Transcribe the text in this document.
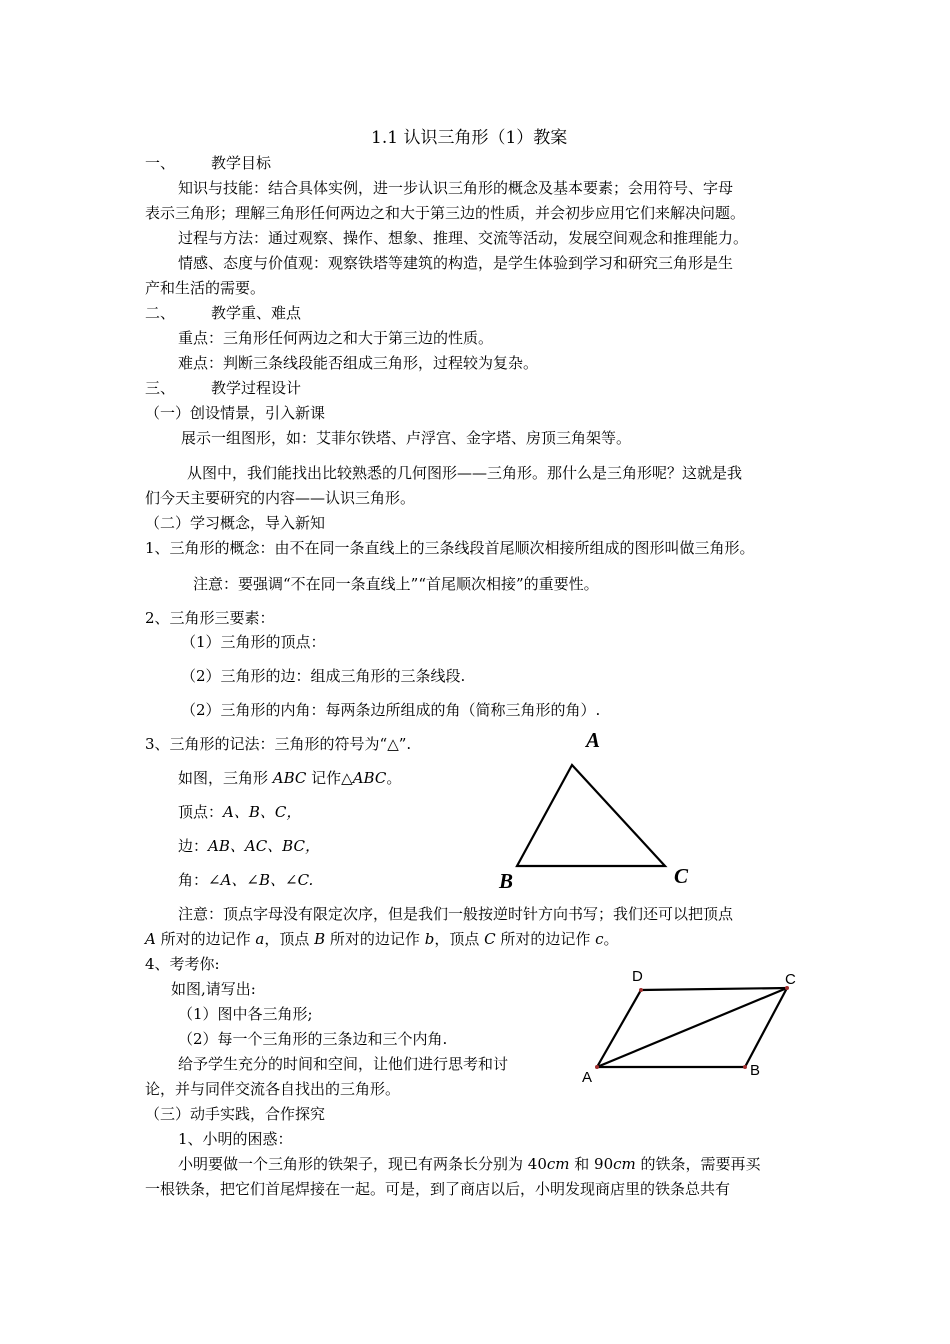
1.1 认识三角形（1）教案
一、 教学目标
知识与技能：结合具体实例，进一步认识三角形的概念及基本要素；会用符号、字母
表示三角形；理解三角形任何两边之和大于第三边的性质，并会初步应用它们来解决问题。
过程与方法：通过观察、操作、想象、推理、交流等活动，发展空间观念和推理能力。
情感、态度与价值观：观察铁塔等建筑的构造，是学生体验到学习和研究三角形是生
产和生活的需要。
二、 教学重、难点
重点：三角形任何两边之和大于第三边的性质。
难点：判断三条线段能否组成三角形，过程较为复杂。
三、 教学过程设计
（一）创设情景，引入新课
展示一组图形，如：艾菲尔铁塔、卢浮宫、金字塔、房顶三角架等。
从图中，我们能找出比较熟悉的几何图形——三角形。那什么是三角形呢？这就是我
们今天主要研究的内容——认识三角形。
（二）学习概念，导入新知
1、三角形的概念：由不在同一条直线上的三条线段首尾顺次相接所组成的图形叫做三角形。
注意：要强调“不在同一条直线上”“首尾顺次相接”的重要性。
2、三角形三要素：
（1）三角形的顶点：
（2）三角形的边：组成三角形的三条线段.
（2）三角形的内角：每两条边所组成的角（简称三角形的角）.
3、三角形的记法：三角形的符号为“△”.
如图，三角形 ABC 记作△ABC。
顶点：A、B、C，
边：AB、AC、BC，
角：∠A、∠B、∠C.
A
B	C
注意：顶点字母没有限定次序，但是我们一般按逆时针方向书写；我们还可以把顶点
A 所对的边记作 a，顶点 B 所对的边记作 b，顶点 C 所对的边记作 c。
4、考考你:
如图,请写出:
（1）图中各三角形;
（2）每一个三角形的三条边和三个内角.
给予学生充分的时间和空间，让他们进行思考和讨
论，并与同伴交流各自找出的三角形。
A	B
C
D
（三）动手实践，合作探究
1、小明的困惑：
小明要做一个三角形的铁架子，现已有两条长分别为 40cm 和 90cm 的铁条，需要再买
一根铁条，把它们首尾焊接在一起。可是，到了商店以后，小明发现商店里的铁条总共有
